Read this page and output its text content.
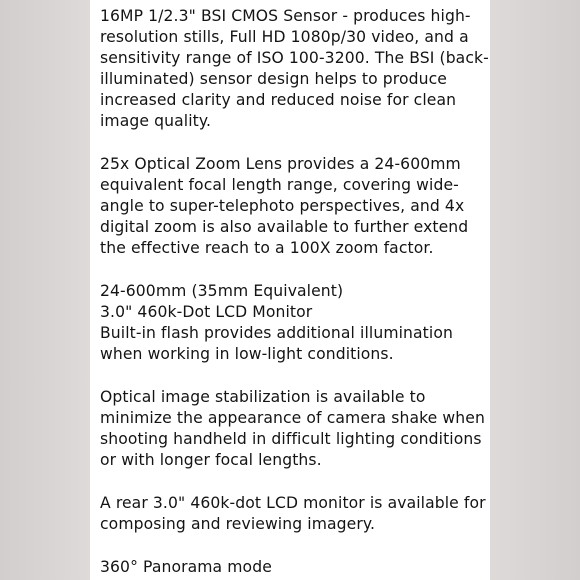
16MP 1/2.3" BSI CMOS Sensor - produces high-
resolution stills, Full HD 1080p/30 video, and a
sensitivity range of ISO 100-3200. The BSI (back-
illuminated) sensor design helps to produce
increased clarity and reduced noise for clean
image quality.

25x Optical Zoom Lens provides a 24-600mm
equivalent focal length range, covering wide-
angle to super-telephoto perspectives, and 4x
digital zoom is also available to further extend
the effective reach to a 100X zoom factor.

24-600mm (35mm Equivalent)
3.0" 460k-Dot LCD Monitor
Built-in flash provides additional illumination
when working in low-light conditions.

Optical image stabilization is available to
minimize the appearance of camera shake when
shooting handheld in difficult lighting conditions
or with longer focal lengths.

A rear 3.0" 460k-dot LCD monitor is available for
composing and reviewing imagery.

360° Panorama mode
